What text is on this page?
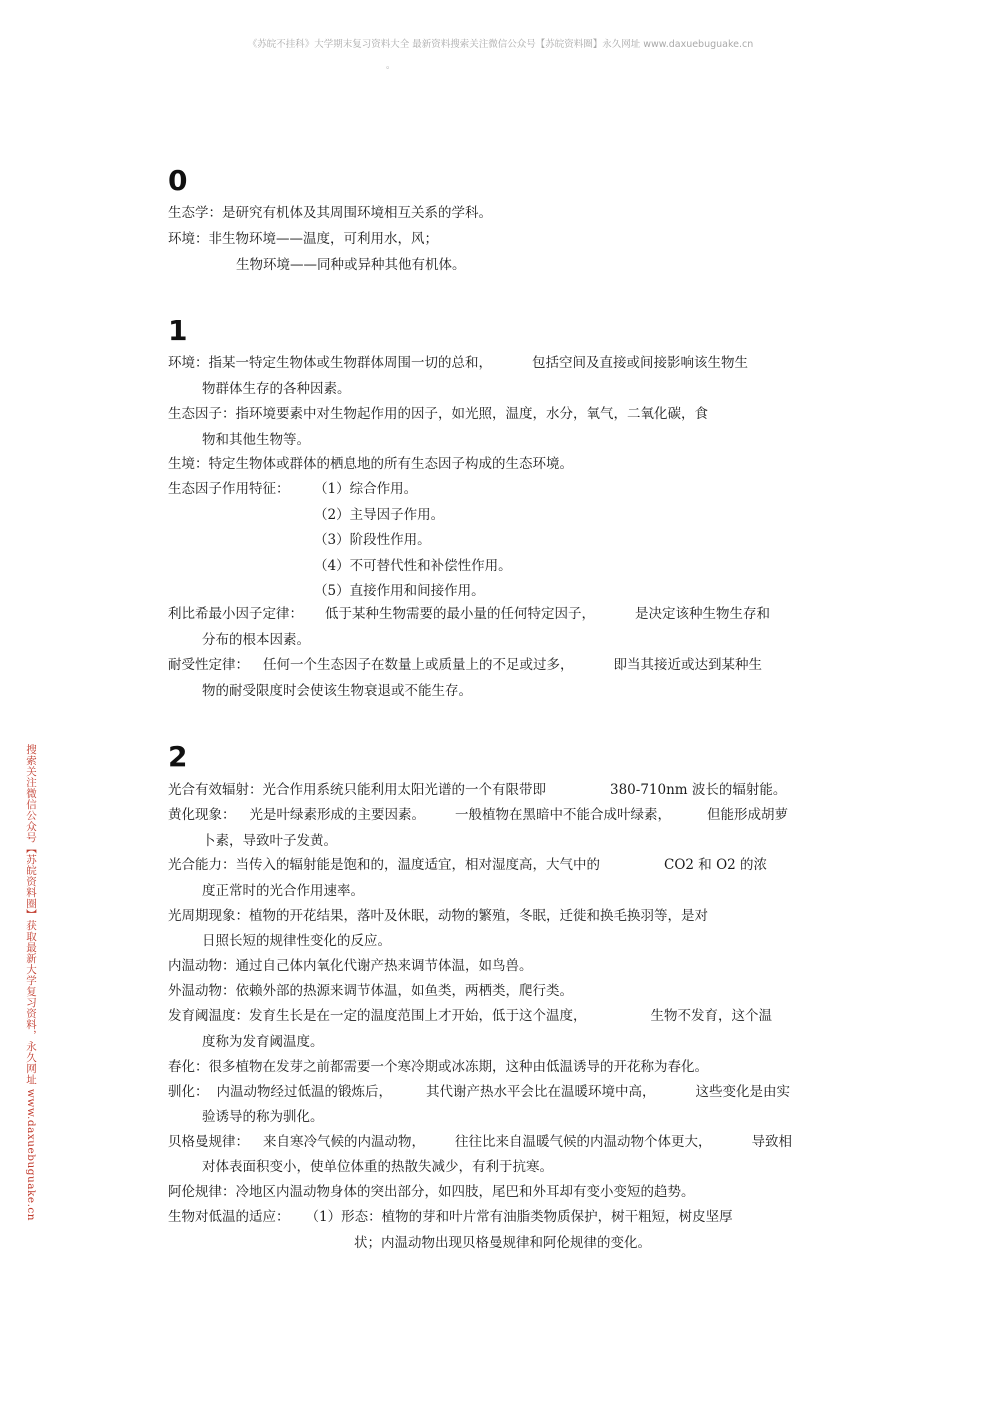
《苏皖不挂科》大学期末复习资料大全 最新资料搜索关注微信公众号【苏皖资料圈】永久网址 www.daxuebuguake.cn
。
搜索关注微信公众号【苏皖资料圈】获取最新大学复习资料，永久网址 www.daxuebuguake.cn
0
生态学：是研究有机体及其周围环境相互关系的学科。
环境：非生物环境——温度，可利用水，风；
生物环境——同种或异种其他有机体。
1
环境：指某一特定生物体或生物群体周围一切的总和，	包括空间及直接或间接影响该生物生
物群体生存的各种因素。
生态因子：指环境要素中对生物起作用的因子，如光照，温度，水分，氧气，二氧化碳，食
物和其他生物等。
生境：特定生物体或群体的栖息地的所有生态因子构成的生态环境。
生态因子作用特征： （1）综合作用。
（2）主导因子作用。
（3）阶段性作用。
（4）不可替代性和补偿性作用。
（5）直接作用和间接作用。
利比希最小因子定律： 低于某种生物需要的最小量的任何特定因子，	是决定该种生物生存和
分布的根本因素。
耐受性定律： 任何一个生态因子在数量上或质量上的不足或过多，	即当其接近或达到某种生
物的耐受限度时会使该生物衰退或不能生存。
2
光合有效辐射：光合作用系统只能利用太阳光谱的一个有限带即	380-710nm 波长的辐射能。
黄化现象： 光是叶绿素形成的主要因素。 一般植物在黑暗中不能合成叶绿素，	但能形成胡萝
卜素，导致叶子发黄。
光合能力：当传入的辐射能是饱和的，温度适宜，相对湿度高，大气中的	CO2 和 O2 的浓
度正常时的光合作用速率。
光周期现象：植物的开花结果，落叶及休眠，动物的繁殖，冬眠，迁徙和换毛换羽等，是对
日照长短的规律性变化的反应。
内温动物：通过自己体内氧化代谢产热来调节体温，如鸟兽。
外温动物：依赖外部的热源来调节体温，如鱼类，两栖类，爬行类。
发育阈温度：发育生长是在一定的温度范围上才开始，低于这个温度，	生物不发育，这个温
度称为发育阈温度。
春化：很多植物在发芽之前都需要一个寒冷期或冰冻期，这种由低温诱导的开花称为春化。
驯化： 内温动物经过低温的锻炼后，	其代谢产热水平会比在温暖环境中高，	这些变化是由实
验诱导的称为驯化。
贝格曼规律： 来自寒冷气候的内温动物， 往往比来自温暖气候的内温动物个体更大，	导致相
对体表面积变小，使单位体重的热散失减少，有利于抗寒。
阿伦规律：冷地区内温动物身体的突出部分，如四肢，尾巴和外耳却有变小变短的趋势。
生物对低温的适应： （1）形态：植物的芽和叶片常有油脂类物质保护，树干粗短，树皮坚厚
状；内温动物出现贝格曼规律和阿伦规律的变化。
